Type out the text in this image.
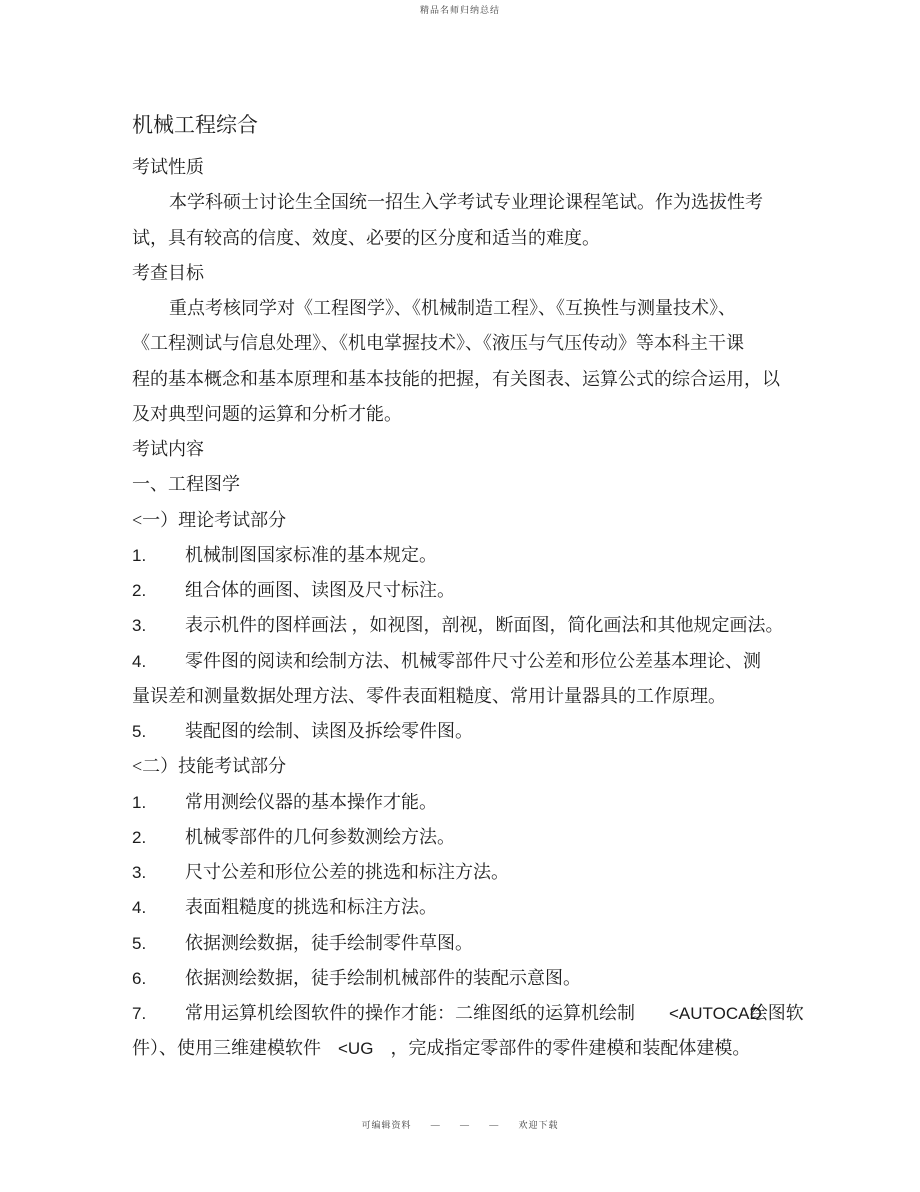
精品名师归纳总结
机械工程综合
考试性质
本学科硕士讨论生全国统一招生入学考试专业理论课程笔试。作为选拔性考
试，具有较高的信度、效度、必要的区分度和适当的难度。
考查目标
重点考核同学对《工程图学》、《机械制造工程》、《互换性与测量技术》、
《工程测试与信息处理》、《机电掌握技术》、《液压与气压传动》等本科主干课
程的基本概念和基本原理和基本技能的把握，有关图表、运算公式的综合运用，以
及对典型问题的运算和分析才能。
考试内容
一、工程图学
<一）理论考试部分
1. 机械制图国家标准的基本规定。
2. 组合体的画图、读图及尺寸标注。
3. 表示机件的图样画法 ，如视图，剖视，断面图，简化画法和其他规定画法。
4. 零件图的阅读和绘制方法、机械零部件尺寸公差和形位公差基本理论、测
量误差和测量数据处理方法、零件表面粗糙度、常用计量器具的工作原理。
5. 装配图的绘制、读图及拆绘零件图。
<二）技能考试部分
1. 常用测绘仪器的基本操作才能。
2. 机械零部件的几何参数测绘方法。
3. 尺寸公差和形位公差的挑选和标注方法。
4. 表面粗糙度的挑选和标注方法。
5. 依据测绘数据，徒手绘制零件草图。
6. 依据测绘数据，徒手绘制机械部件的装配示意图。
7. 常用运算机绘图软件的操作才能：二维图纸的运算机绘制　　<AUTOCAD绘图软
件）、使用三维建模软件　<UG　，完成指定零部件的零件建模和装配体建模。
可编辑资料　 —　 —　 —　 欢迎下载
